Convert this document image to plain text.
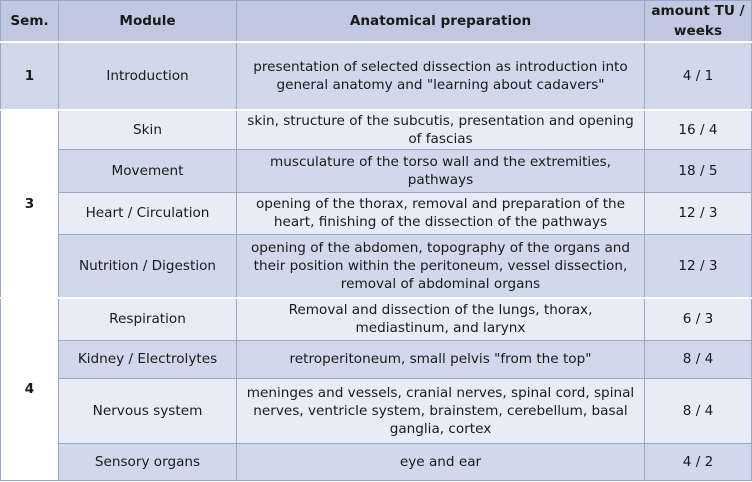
Sem.	Module	Anatomical preparation	amount TU / weeks
1	Introduction	presentation of selected dissection as introduction into general anatomy and "learning about cadavers"	4 / 1
3	Skin	skin, structure of the subcutis, presentation and opening of fascias	16 / 4
	Movement	musculature of the torso wall and the extremities, pathways	18 / 5
	Heart / Circulation	opening of the thorax, removal and preparation of the heart, finishing of the dissection of the pathways	12 / 3
	Nutrition / Digestion	opening of the abdomen, topography of the organs and their position within the peritoneum, vessel dissection, removal of abdominal organs	12 / 3
4	Respiration	Removal and dissection of the lungs, thorax, mediastinum, and larynx	6 / 3
	Kidney / Electrolytes	retroperitoneum, small pelvis "from the top"	8 / 4
	Nervous system	meninges and vessels, cranial nerves, spinal cord, spinal nerves, ventricle system, brainstem, cerebellum, basal ganglia, cortex	8 / 4
	Sensory organs	eye and ear	4 / 2
